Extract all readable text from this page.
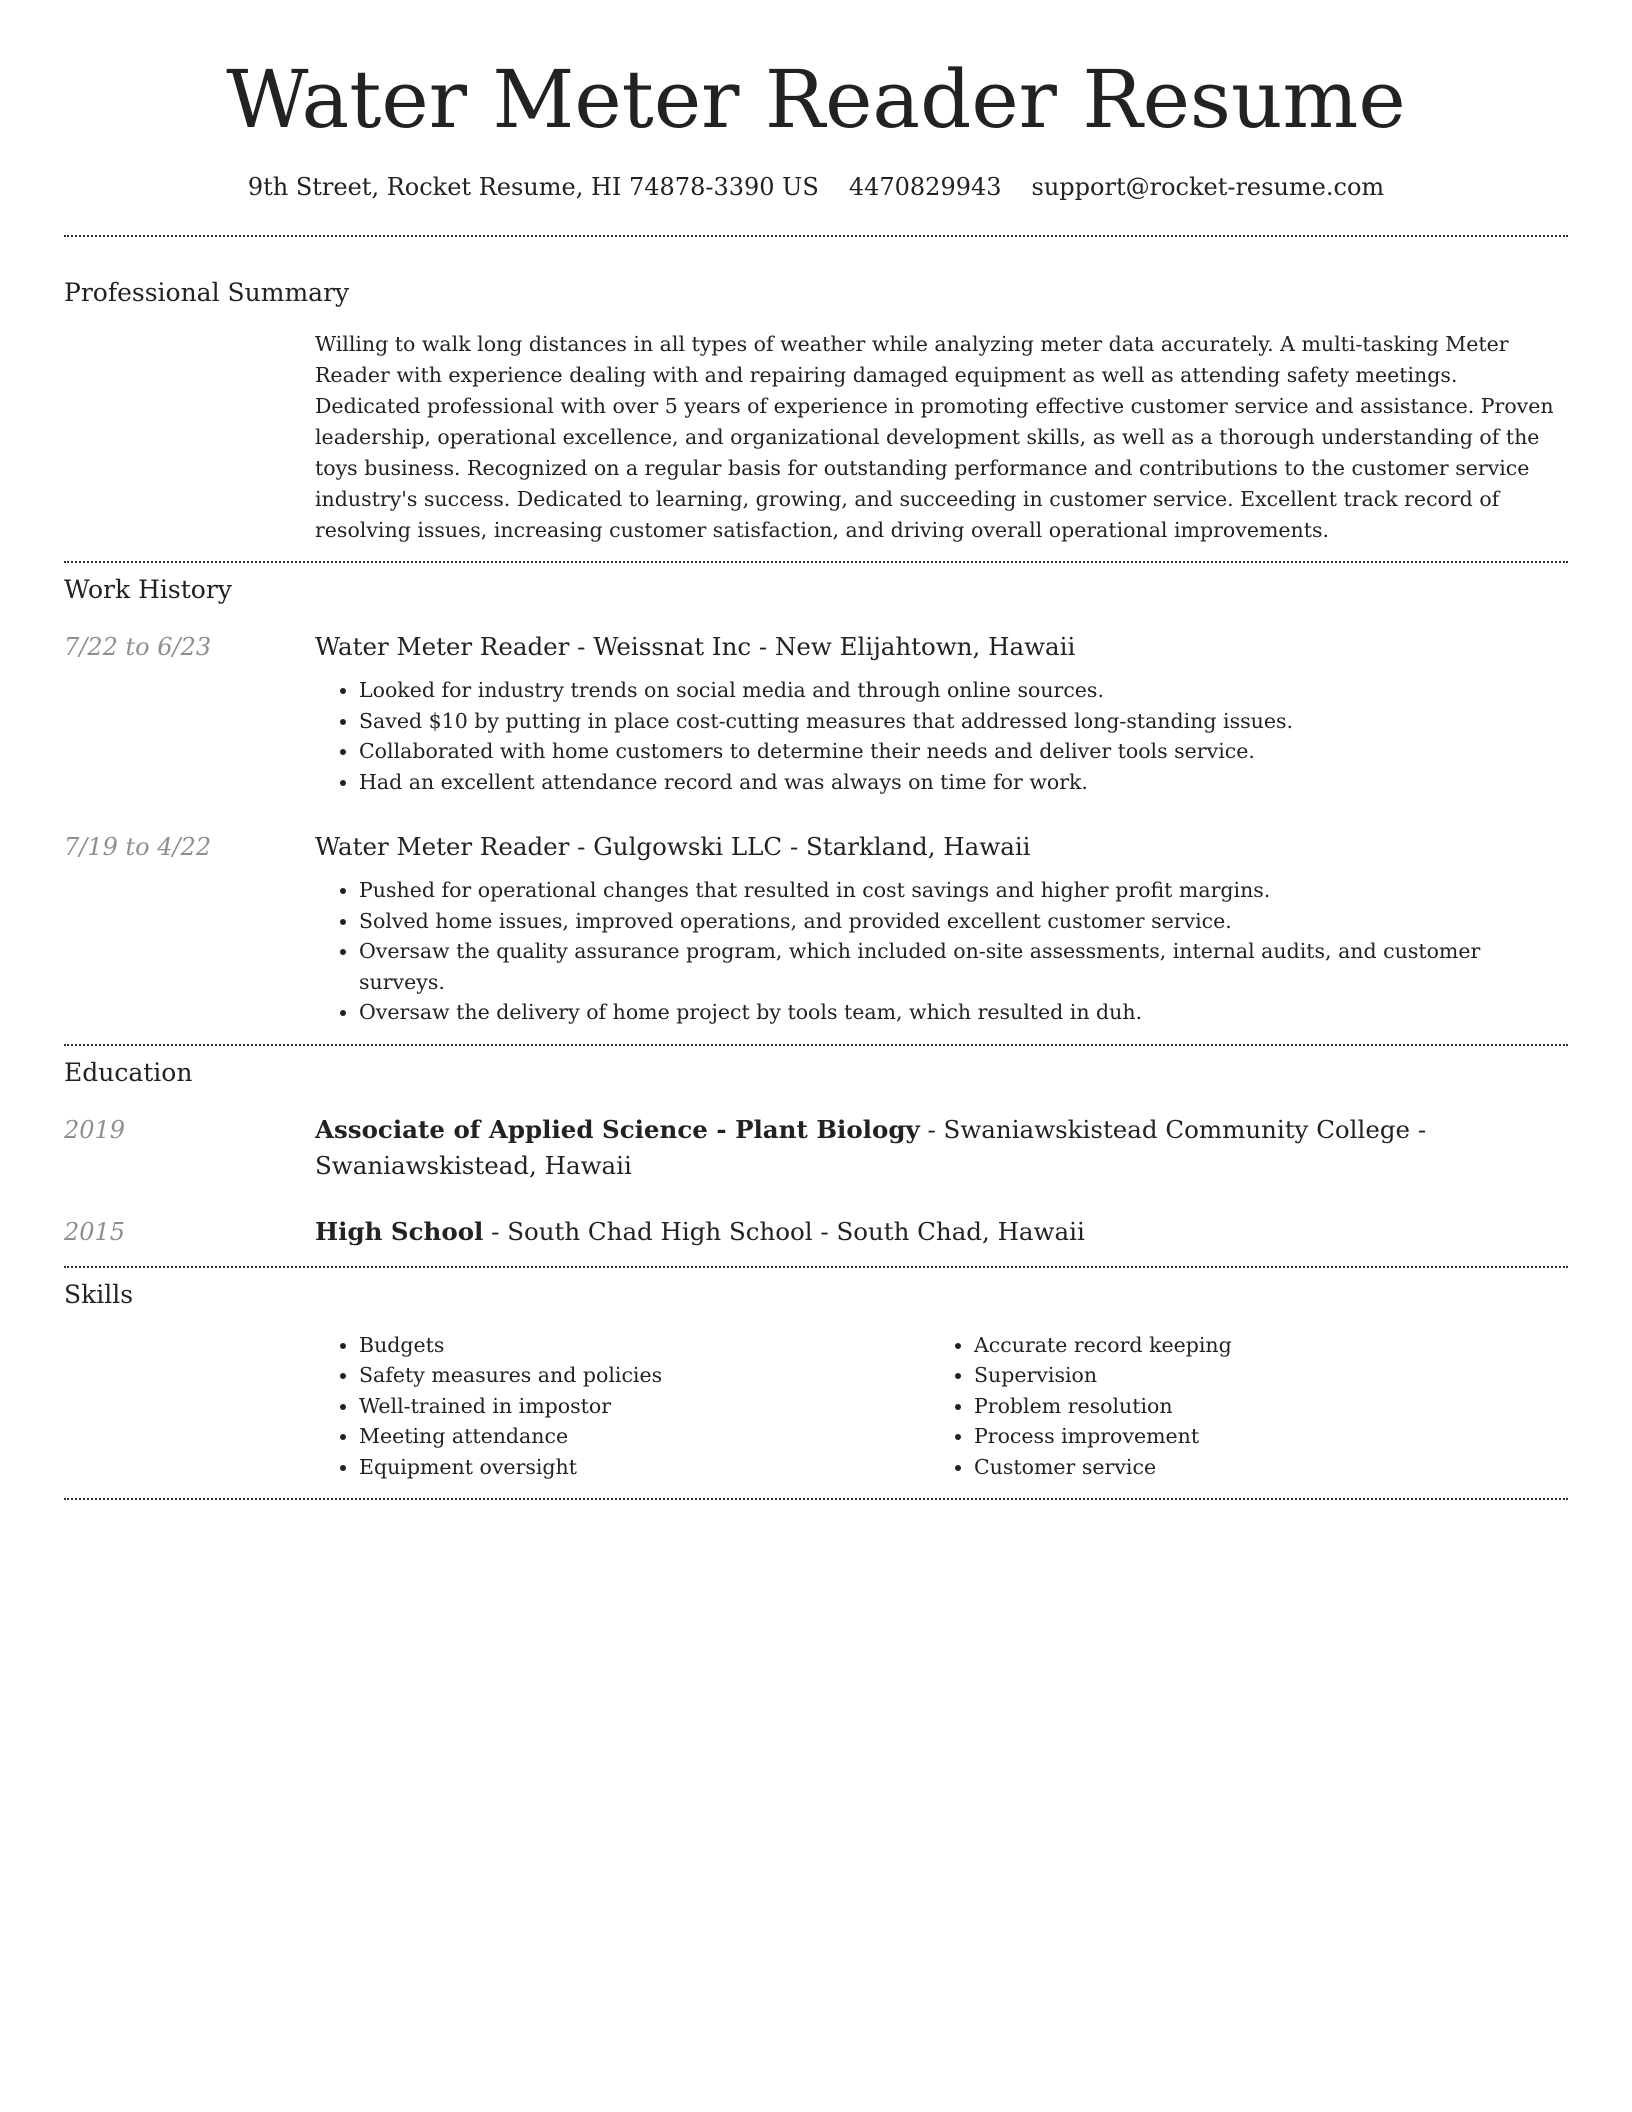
Water Meter Reader Resume
9th Street, Rocket Resume, HI 74878-3390 US 4470829943 support@rocket-resume.com
Professional Summary
Willing to walk long distances in all types of weather while analyzing meter data accurately. A multi-tasking Meter Reader with experience dealing with and repairing damaged equipment as well as attending safety meetings. Dedicated professional with over 5 years of experience in promoting effective customer service and assistance. Proven leadership, operational excellence, and organizational development skills, as well as a thorough understanding of the toys business. Recognized on a regular basis for outstanding performance and contributions to the customer service industry's success. Dedicated to learning, growing, and succeeding in customer service. Excellent track record of resolving issues, increasing customer satisfaction, and driving overall operational improvements.
Work History
7/22 to 6/23	Water Meter Reader - Weissnat Inc - New Elijahtown, Hawaii
• Looked for industry trends on social media and through online sources.
• Saved $10 by putting in place cost-cutting measures that addressed long-standing issues.
• Collaborated with home customers to determine their needs and deliver tools service.
• Had an excellent attendance record and was always on time for work.
7/19 to 4/22	Water Meter Reader - Gulgowski LLC - Starkland, Hawaii
• Pushed for operational changes that resulted in cost savings and higher profit margins.
• Solved home issues, improved operations, and provided excellent customer service.
• Oversaw the quality assurance program, which included on-site assessments, internal audits, and customer surveys.
• Oversaw the delivery of home project by tools team, which resulted in duh.
Education
2019	Associate of Applied Science - Plant Biology - Swaniawskistead Community College - Swaniawskistead, Hawaii
2015	High School - South Chad High School - South Chad, Hawaii
Skills
• Budgets
• Safety measures and policies
• Well-trained in impostor
• Meeting attendance
• Equipment oversight
• Accurate record keeping
• Supervision
• Problem resolution
• Process improvement
• Customer service
